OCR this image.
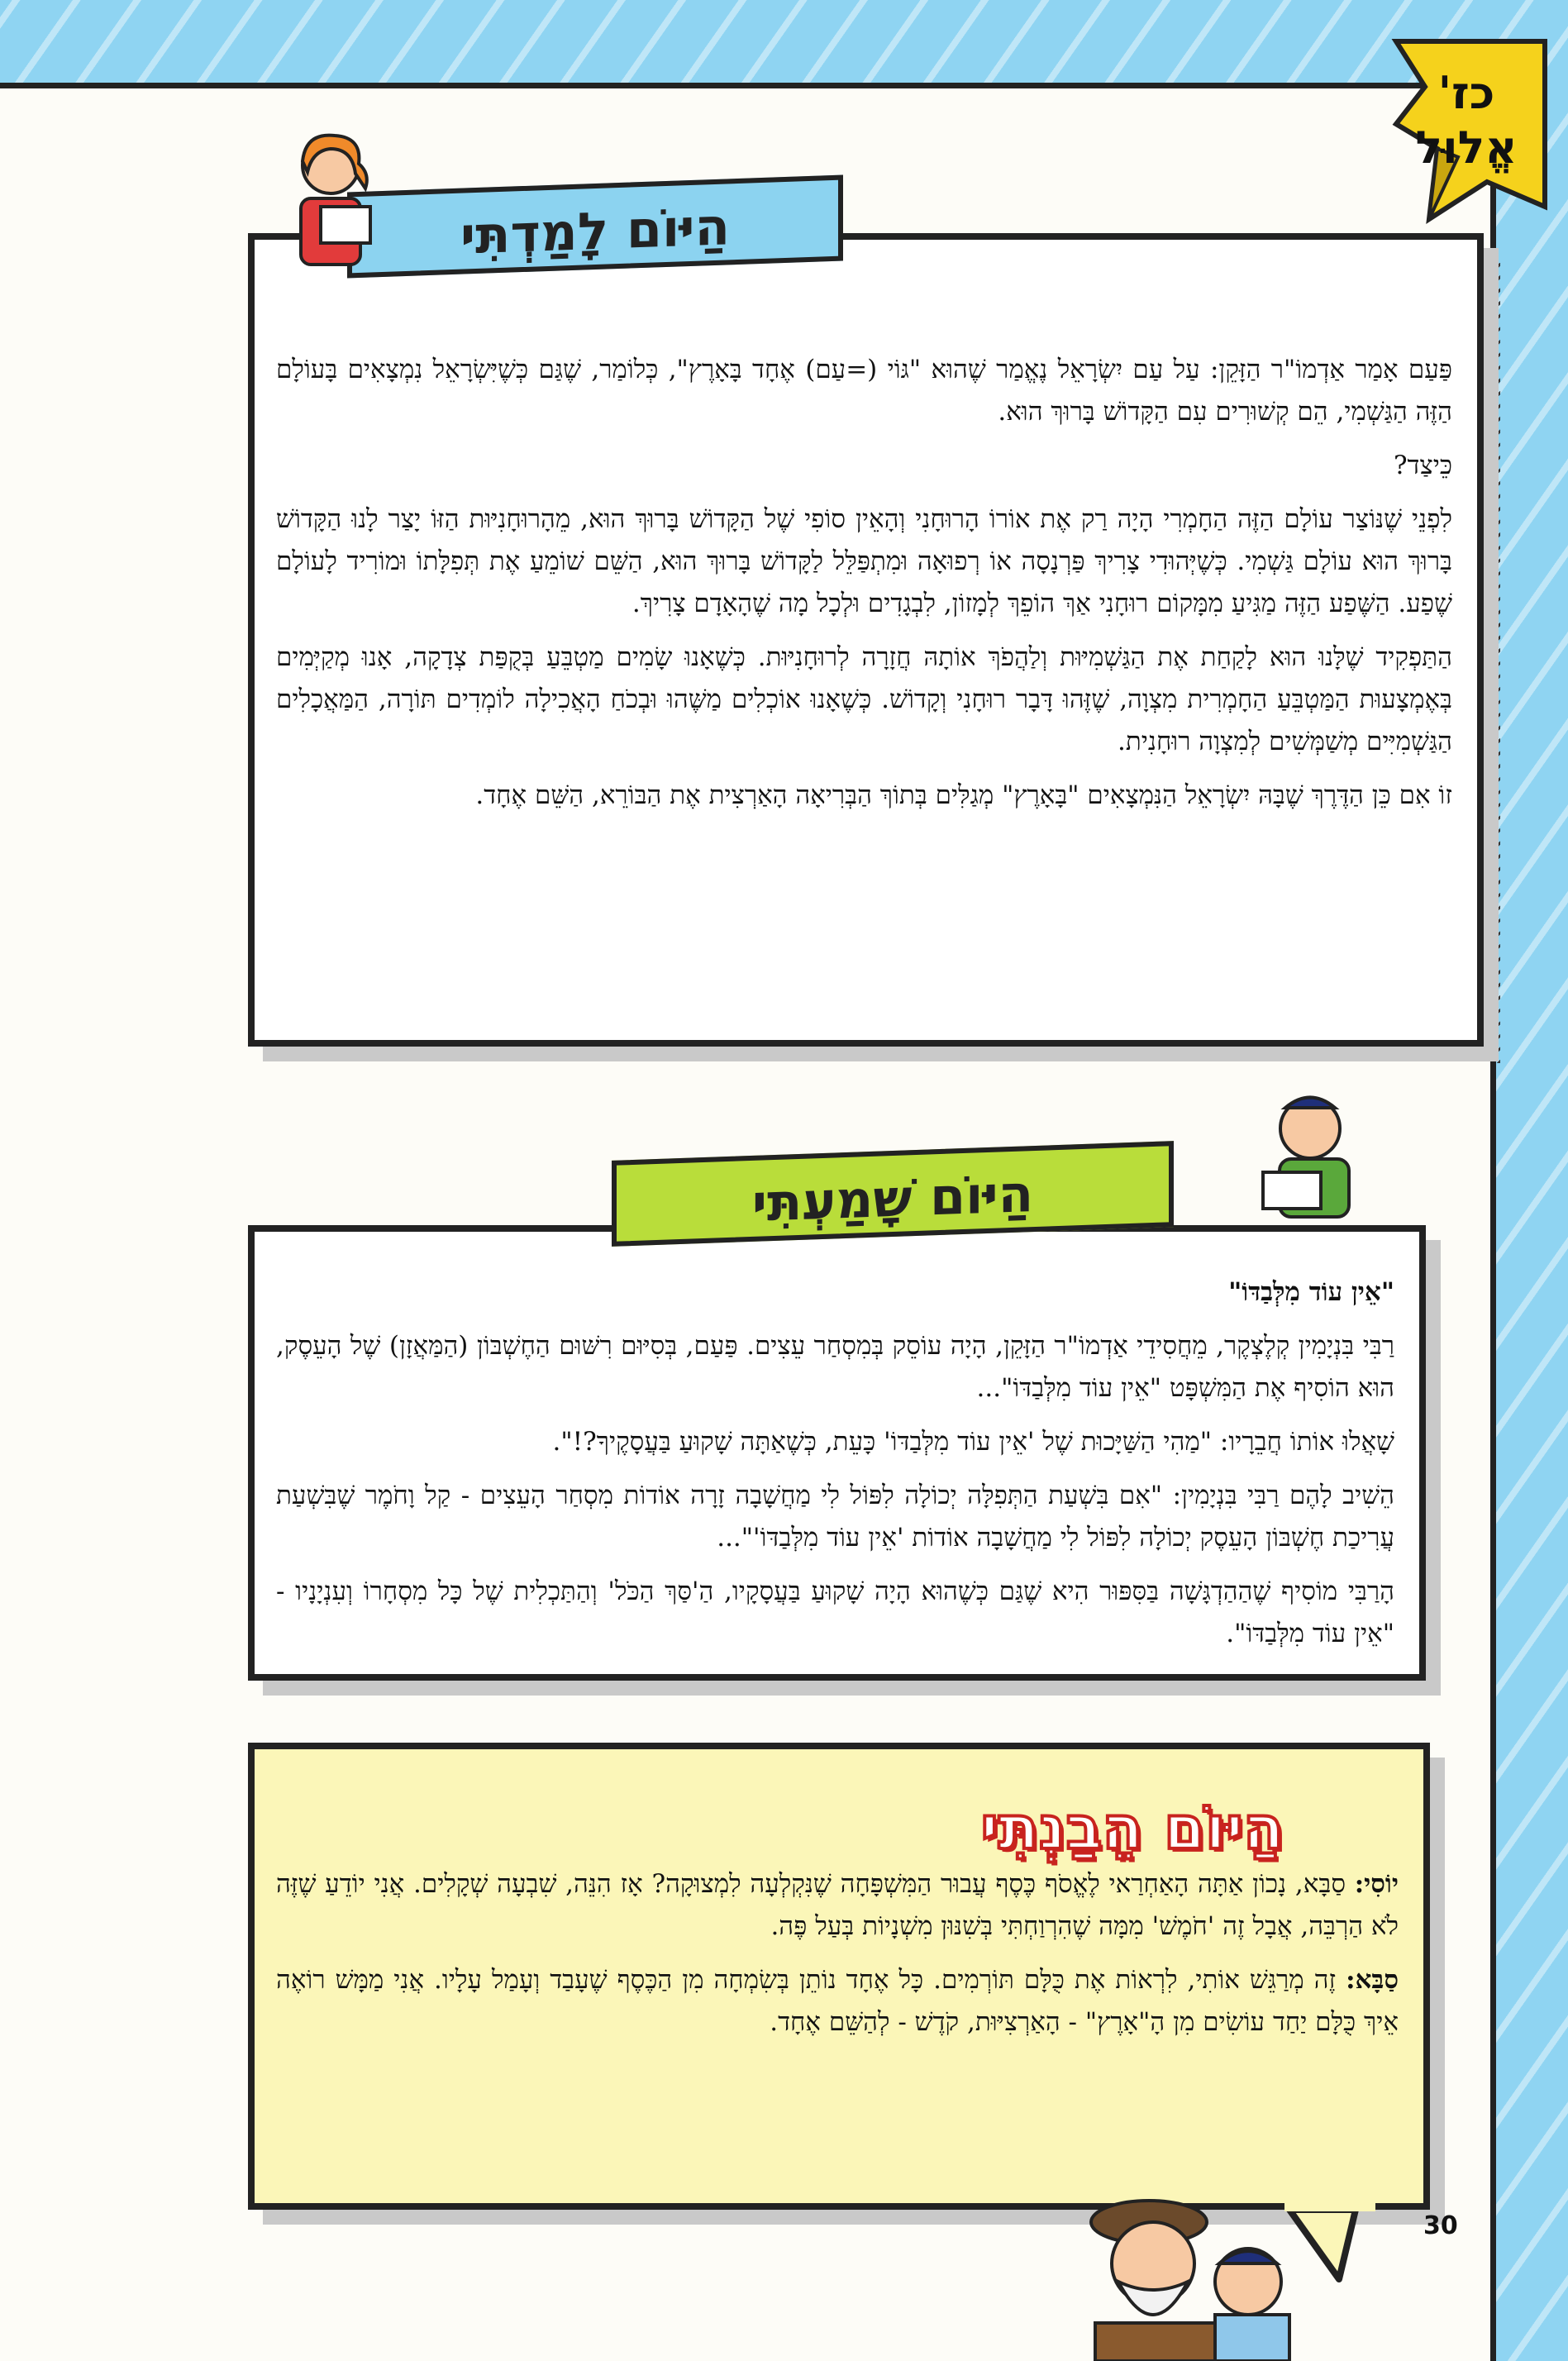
כז'
אֱלוּל

פַּעַם אָמַר אַדְמוֹ"ר הַזָּקֵן: עַל עַם יִשְׂרָאֵל נֶאֱמַר שֶׁהוּא "גּוֹי (=עַם) אֶחָד בָּאָרֶץ", כְּלוֹמַר, שֶׁגַּם כְּשֶׁיִּשְׂרָאֵל נִמְצָאִים בָּעוֹלָם הַזֶּה הַגַּשְׁמִי, הֵם קְשׁוּרִים עִם הַקָּדוֹשׁ בָּרוּךְ הוּא.

כֵּיצַד?

לִפְנֵי שֶׁנּוֹצַר עוֹלָם הַזֶּה הַחָמְרִי הָיָה רַק אֶת אוֹרוֹ הָרוּחָנִי וְהָאֵין סוֹפִי שֶׁל הַקָּדוֹשׁ בָּרוּךְ הוּא, מֵהָרוּחָנִיּוּת הַזּוֹ יָצַר לָנוּ הַקָּדוֹשׁ בָּרוּךְ הוּא עוֹלָם גַּשְׁמִי. כְּשֶׁיְּהוּדִי צָרִיךְ פַּרְנָסָה אוֹ רְפוּאָה וּמִתְפַּלֵּל לַקָּדוֹשׁ בָּרוּךְ הוּא, הַשֵּׁם שׁוֹמֵעַ אֶת תְּפִלָּתוֹ וּמוֹרִיד לָעוֹלָם שֶׁפַע. הַשֶּׁפַע הַזֶּה מַגִּיעַ מִמָּקוֹם רוּחָנִי אַךְ הוֹפֵךְ לְמָזוֹן, לִבְגָדִים וּלְכָל מָה שֶׁהָאָדָם צָרִיךְ.

הַתַּפְקִיד שֶׁלָּנוּ הוּא לָקַחַת אֶת הַגַּשְׁמִיּוּת וְלַהֲפֹךְ אוֹתָהּ חֲזָרָה לְרוּחָנִיּוּת. כְּשֶׁאָנוּ שָׂמִים מַטְבֵּעַ בְּקֻפַּת צְדָקָה, אָנוּ מְקַיְּמִים בְּאֶמְצָעוּת הַמַּטְבֵּעַ הַחָמְרִית מִצְוָה, שֶׁזֶּהוּ דָּבָר רוּחָנִי וְקָדוֹשׁ. כְּשֶׁאָנוּ אוֹכְלִים מַשֶּׁהוּ וּבְכֹחַ הָאֲכִילָה לוֹמְדִים תּוֹרָה, הַמַּאֲכָלִים הַגַּשְׁמִיִּים מְשַׁמְּשִׁים לְמִצְוָה רוּחָנִית.

זוֹ אִם כֵּן הַדֶּרֶךְ שֶׁבָּהּ יִשְׂרָאֵל הַנִּמְצָאִים "בָּאָרֶץ" מְגַלִּים בְּתוֹךְ הַבְּרִיאָה הָאַרְצִית אֶת הַבּוֹרֵא, הַשֵּׁם אֶחָד.

הַיּוֹם לָמַדְתִּי

"אֵין עוֹד מִלְּבַדּוֹ"

רַבִּי בִּנְיָמִין קְלֶצְקֶר, מֵחֲסִידֵי אַדְמוֹ"ר הַזָּקֵן, הָיָה עוֹסֵק בְּמִסְחַר עֵצִים. פַּעַם, בְּסִיּוּם רִשּׁוּם הַחֶשְׁבּוֹן (הַמַּאֲזָן) שֶׁל הָעֵסֶק, הוּא הוֹסִיף אֶת הַמִּשְׁפָּט "אֵין עוֹד מִלְּבַדּוֹ"...

שָׁאֲלוּ אוֹתוֹ חֲבֵרָיו: "מַהִי הַשַּׁיָּכוּת שֶׁל 'אֵין עוֹד מִלְּבַדּוֹ' כָּעֵת, כְּשֶׁאַתָּה שָׁקוּעַ בַּעֲסָקֶיךָ?!".

הֵשִׁיב לָהֶם רַבִּי בִּנְיָמִין: "אִם בִּשְׁעַת הַתְּפִלָּה יְכוֹלָה לִפּוֹל לִי מַחֲשָׁבָה זָרָה אוֹדוֹת מִסְחַר הָעֵצִים - קַל וָחֹמֶר שֶׁבִּשְׁעַת עֲרִיכַת חֶשְׁבּוֹן הָעֵסֶק יְכוֹלָה לִפּוֹל לִי מַחֲשָׁבָה אוֹדוֹת 'אֵין עוֹד מִלְּבַדּוֹ'"...

הָרַבִּי מוֹסִיף שֶׁהַהַדְגָּשָׁה בַּסִּפּוּר הִיא שֶׁגַּם כְּשֶׁהוּא הָיָה שָׁקוּעַ בַּעֲסָקָיו, הַ'סַּךְ הַכֹּל' וְהַתַּכְלִית שֶׁל כָּל מִסְחָרוֹ וְעִנְיָנָיו - "אֵין עוֹד מִלְּבַדּוֹ".

הַיּוֹם שָׁמַעְתִּי

יוֹסִי: סַבָּא, נָכוֹן אַתָּה הָאַחְרַאי לֶאֱסֹף כֶּסֶף עֲבוּר הַמִּשְׁפָּחָה שֶׁנִּקְלְעָה לִמְצוּקָה? אָז הִנֵּה, שִׁבְעָה שְׁקָלִים. אֲנִי יוֹדֵעַ שֶׁזֶּה לֹא הַרְבֵּה, אֲבָל זֶה 'חֹמֶשׁ' מִמָּה שֶׁהִרְוַחְתִּי בְּשִׁנּוּן מִשְׁנָיוֹת בְּעַל פֶּה.

סַבָּא: זֶה מְרַגֵּשׁ אוֹתִי, לִרְאוֹת אֶת כֻּלָּם תּוֹרְמִים. כָּל אֶחָד נוֹתֵן בְּשִׂמְחָה מִן הַכֶּסֶף שֶׁעָבַד וְעָמַל עָלָיו. אֲנִי מַמָּשׁ רוֹאֶה אֵיךְ כֻּלָּם יַחַד עוֹשִׂים מִן הָ"אָרֶץ" - הָאַרְצִיּוּת, קֹדֶשׁ - לְהַשֵּׁם אֶחָד.

הַיּוֹם הֵבַנְתִּי
30
